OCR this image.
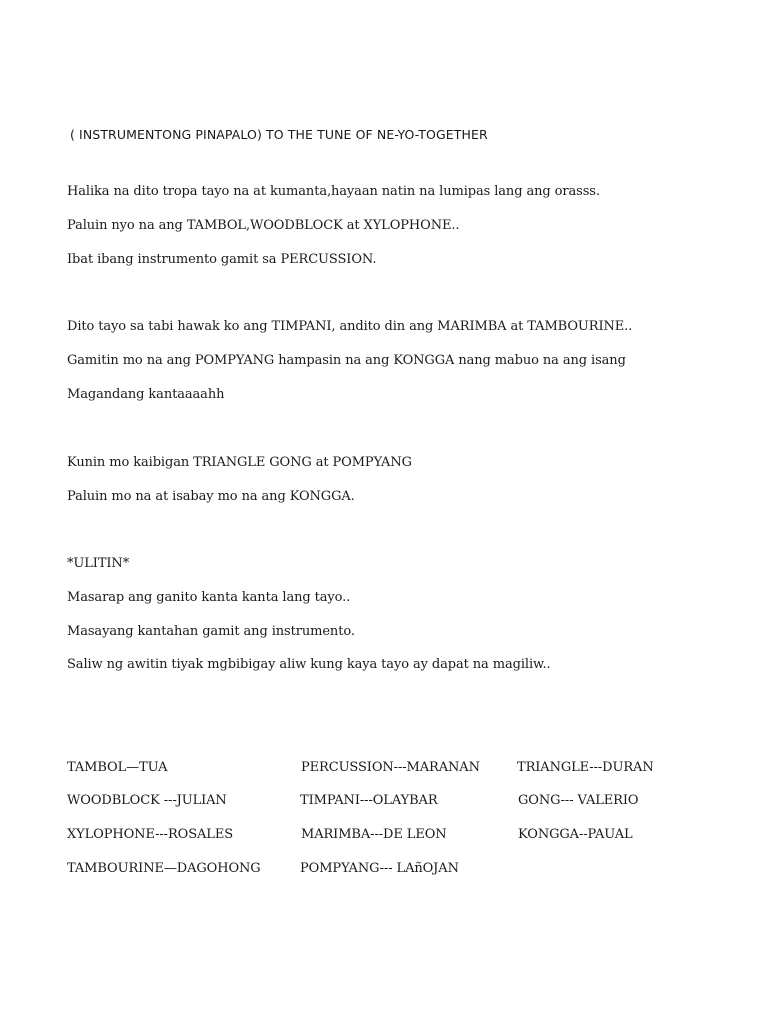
( INSTRUMENTONG PINAPALO) TO THE TUNE OF NE-YO-TOGETHER
Halika na dito tropa tayo na at kumanta,hayaan natin na lumipas lang ang orasss.
Paluin nyo na ang TAMBOL,WOODBLOCK at XYLOPHONE..
Ibat ibang instrumento gamit sa PERCUSSION.
Dito tayo sa tabi hawak ko ang TIMPANI, andito din ang MARIMBA at TAMBOURINE..
Gamitin mo na ang POMPYANG hampasin na ang KONGGA nang mabuo na ang isang
Magandang kantaaaahh
Kunin mo kaibigan TRIANGLE GONG at POMPYANG
Paluin mo na at isabay mo na ang KONGGA.
*ULITIN*
Masarap ang ganito kanta kanta lang tayo..
Masayang kantahan gamit ang instrumento.
Saliw ng awitin tiyak mgbibigay aliw kung kaya tayo ay dapat na magiliw..
TAMBOL—TUA	PERCUSSION---MARANAN	TRIANGLE---DURAN
WOODBLOCK ---JULIAN	TIMPANI---OLAYBAR	GONG--- VALERIO
XYLOPHONE---ROSALES	MARIMBA---DE LEON	KONGGA--PAUAL
TAMBOURINE—DAGOHONG	POMPYANG--- LAñOJAN
